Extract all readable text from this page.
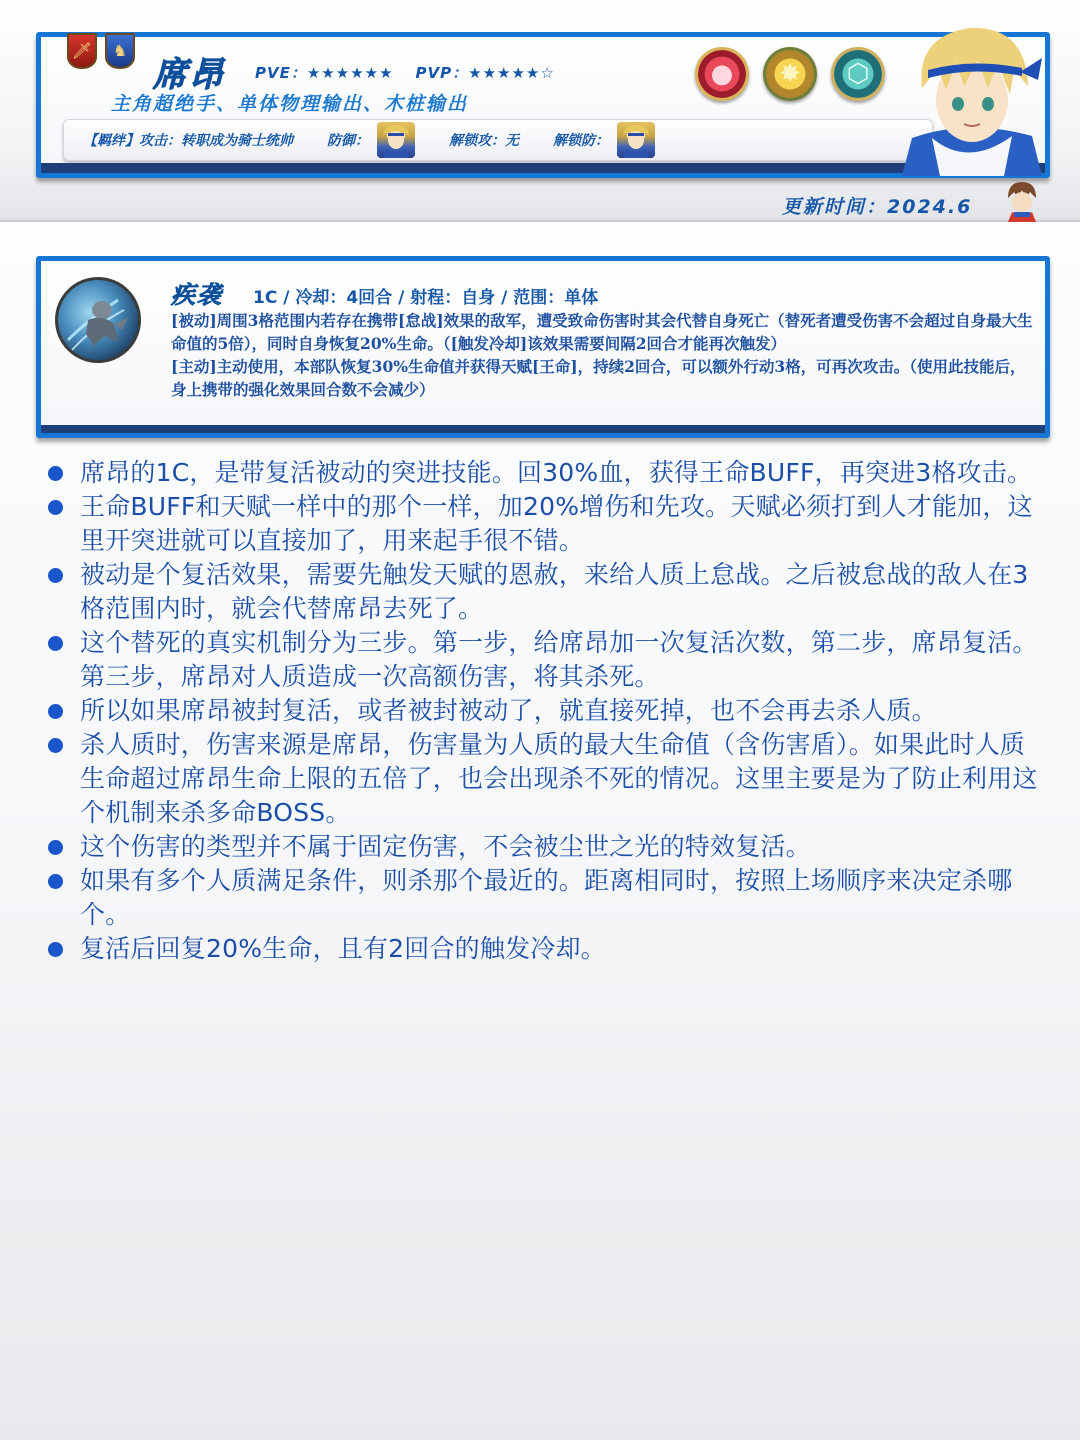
🗡 ♞
席昂 PVE：★★★★★★ PVP：★★★★★☆
主角超绝手、单体物理输出、木桩输出
【羁绊】攻击：转职成为骑士统帅 防御：	解锁攻：无 解锁防：
●	✸	⬡
更新时间：2024.6
疾袭 1C / 冷却：4回合 / 射程：自身 / 范围：单体

[被动]周围3格范围内若存在携带[怠战]效果的敌军，遭受致命伤害时其会代替自身死亡（替死者遭受伤害不会超过自身最大生命值的5倍），同时自身恢复20%生命。（[触发冷却]该效果需要间隔2回合才能再次触发）

[主动]主动使用，本部队恢复30%生命值并获得天赋[王命]，持续2回合，可以额外行动3格，可再次攻击。（使用此技能后，身上携带的强化效果回合数不会减少）

席昂的1C，是带复活被动的突进技能。回30%血，获得王命BUFF，再突进3格攻击。
王命BUFF和天赋一样中的那个一样，加20%增伤和先攻。天赋必须打到人才能加，这里开突进就可以直接加了，用来起手很不错。
被动是个复活效果，需要先触发天赋的恩赦，来给人质上怠战。之后被怠战的敌人在3格范围内时，就会代替席昂去死了。
这个替死的真实机制分为三步。第一步，给席昂加一次复活次数，第二步，席昂复活。第三步，席昂对人质造成一次高额伤害，将其杀死。
所以如果席昂被封复活，或者被封被动了，就直接死掉，也不会再去杀人质。
杀人质时，伤害来源是席昂，伤害量为人质的最大生命值（含伤害盾）。如果此时人质生命超过席昂生命上限的五倍了，也会出现杀不死的情况。这里主要是为了防止利用这个机制来杀多命BOSS。
这个伤害的类型并不属于固定伤害，不会被尘世之光的特效复活。
如果有多个人质满足条件，则杀那个最近的。距离相同时，按照上场顺序来决定杀哪个。
复活后回复20%生命，且有2回合的触发冷却。
